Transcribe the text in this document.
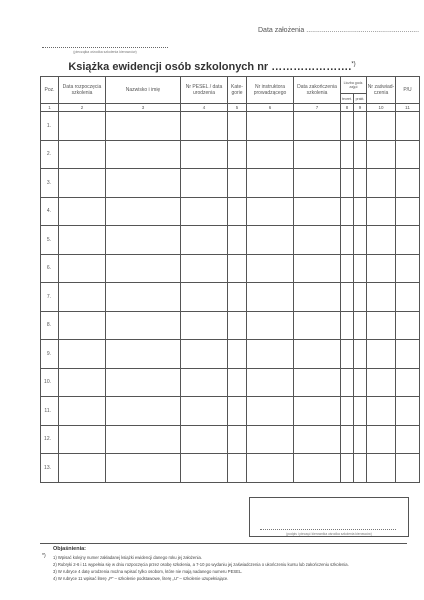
Data założenia ..........................................................
(pieczątka ośrodka szkolenia kierowców)
Książka ewidencji osób szkolonych nr ………………….*)
Poz.	Data rozpoczęcia szkolenia	Nazwisko i imię	Nr PESEL / data urodzenia	Kate-gorie	Nr instruktora prowadzącego	Data zakończenia szkolenia	Liczba godz. zajęć		Nr zaświad-czenia	P/U
							teoret.	prakt.		
1	2	3	4	5	6	7	8	9	10	11
1.										
2.										
3.										
4.										
5.										
6.										
7.										
8.										
9.										
10.										
11.										
12.										
13.										
(podpis i pieczęć kierownika ośrodka szkolenia kierowców)
Objaśnienia:
*) 1) Wpisać kolejny numer zakładanej książki ewidencji danego roku jej założenia.
2) Rubryki 2-6 i 11 wypełnia się w dniu rozpoczęcia przez osobę szkolenia, a 7-10 po wydaniu jej zaświadczenia o ukończeniu kursu lub zakończeniu szkolenia.
3) W rubryce 4 datę urodzenia można wpisać tylko osobom, które nie mają nadanego numeru PESEL.
4) W rubryce 11 wpisać literę „P” – szkolenie podstawowe, literę „U” – szkolenie uzupełniające.
